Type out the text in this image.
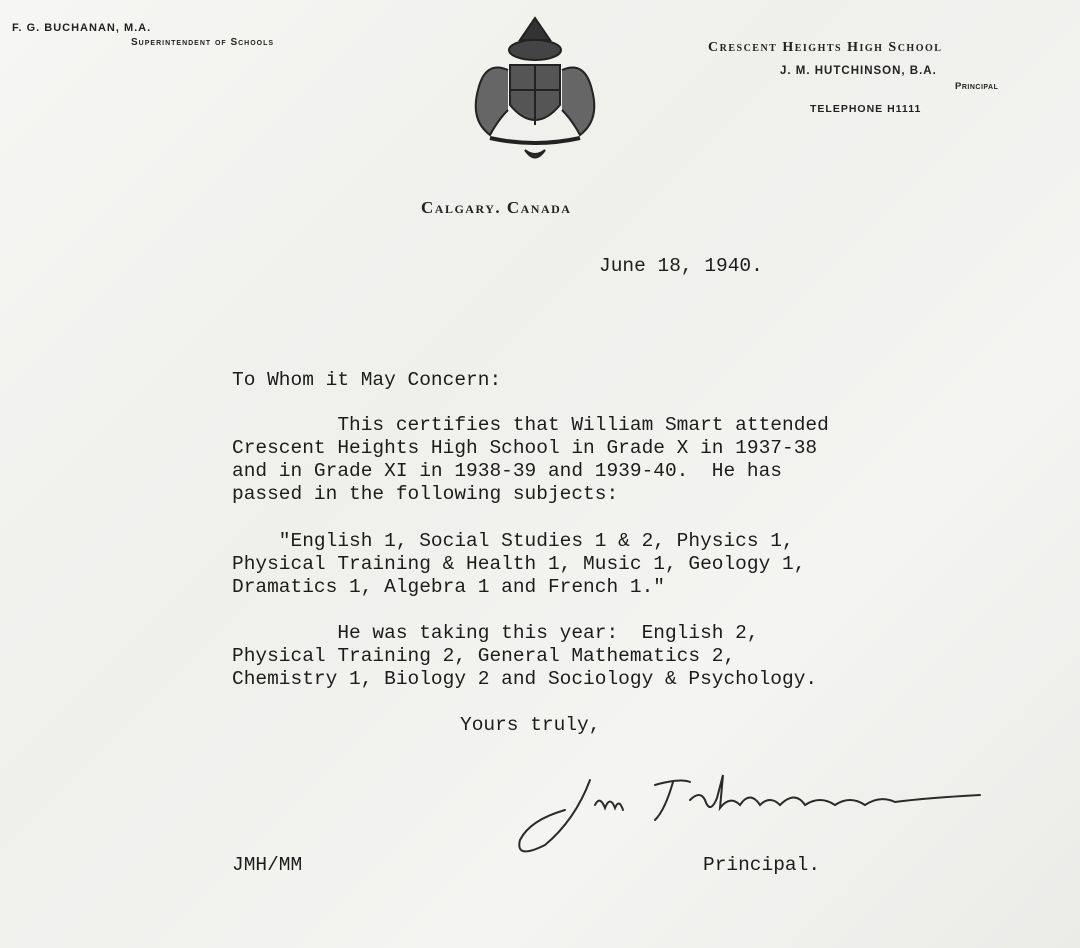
F. G. BUCHANAN, M.A.
Superintendent of Schools	Crescent Heights High School
J. M. HUTCHINSON, B.A.
Principal
TELEPHONE H1111
Calgary. Canada
June 18, 1940.
To Whom it May Concern:
This certifies that William Smart attended
Crescent Heights High School in Grade X in 1937-38
and in Grade XI in 1938-39 and 1939-40.  He has
passed in the following subjects:
"English 1, Social Studies 1 & 2, Physics 1,
Physical Training & Health 1, Music 1, Geology 1,
Dramatics 1, Algebra 1 and French 1."
He was taking this year:  English 2,
Physical Training 2, General Mathematics 2,
Chemistry 1, Biology 2 and Sociology & Psychology.
Yours truly,
JMH/MM	Principal.
